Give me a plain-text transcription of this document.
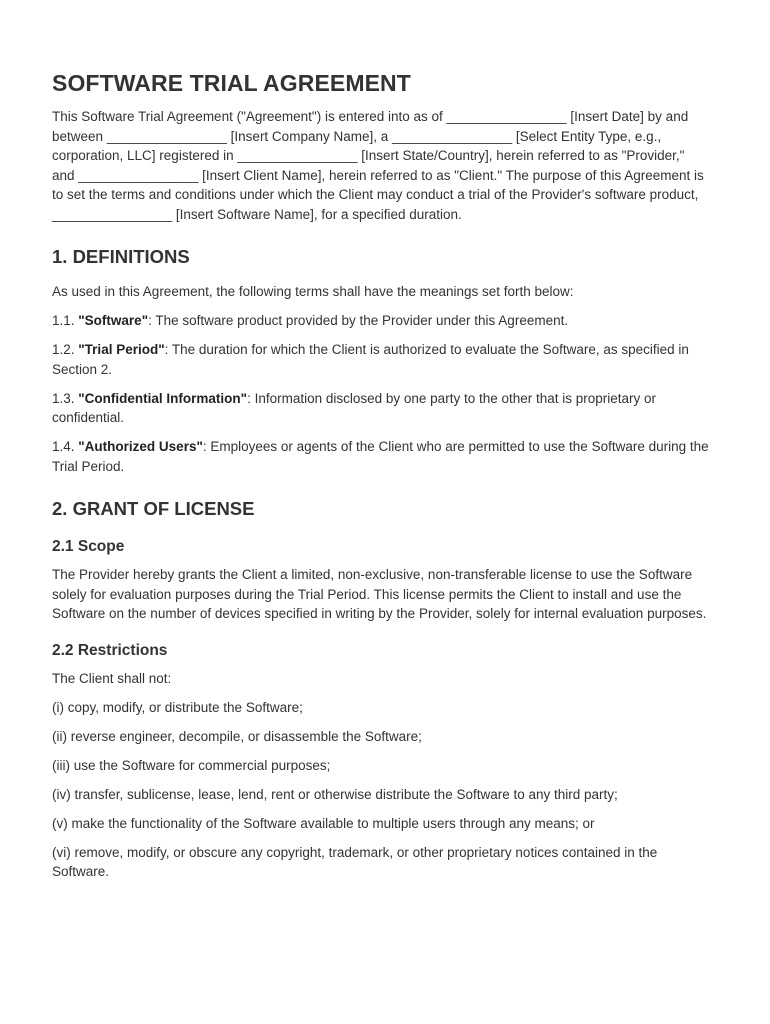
SOFTWARE TRIAL AGREEMENT

This Software Trial Agreement ("Agreement") is entered into as of ________________ [Insert Date] by and between ________________ [Insert Company Name], a ________________ [Select Entity Type, e.g., corporation, LLC] registered in ________________ [Insert State/Country], herein referred to as "Provider," and ________________ [Insert Client Name], herein referred to as "Client." The purpose of this Agreement is to set the terms and conditions under which the Client may conduct a trial of the Provider's software product, ________________ [Insert Software Name], for a specified duration.

1. DEFINITIONS

As used in this Agreement, the following terms shall have the meanings set forth below:

1.1. "Software": The software product provided by the Provider under this Agreement.

1.2. "Trial Period": The duration for which the Client is authorized to evaluate the Software, as specified in Section 2.

1.3. "Confidential Information": Information disclosed by one party to the other that is proprietary or confidential.

1.4. "Authorized Users": Employees or agents of the Client who are permitted to use the Software during the Trial Period.

2. GRANT OF LICENSE
2.1 Scope

The Provider hereby grants the Client a limited, non-exclusive, non-transferable license to use the Software solely for evaluation purposes during the Trial Period. This license permits the Client to install and use the Software on the number of devices specified in writing by the Provider, solely for internal evaluation purposes.

2.2 Restrictions

The Client shall not:

(i) copy, modify, or distribute the Software;

(ii) reverse engineer, decompile, or disassemble the Software;

(iii) use the Software for commercial purposes;

(iv) transfer, sublicense, lease, lend, rent or otherwise distribute the Software to any third party;

(v) make the functionality of the Software available to multiple users through any means; or

(vi) remove, modify, or obscure any copyright, trademark, or other proprietary notices contained in the Software.
